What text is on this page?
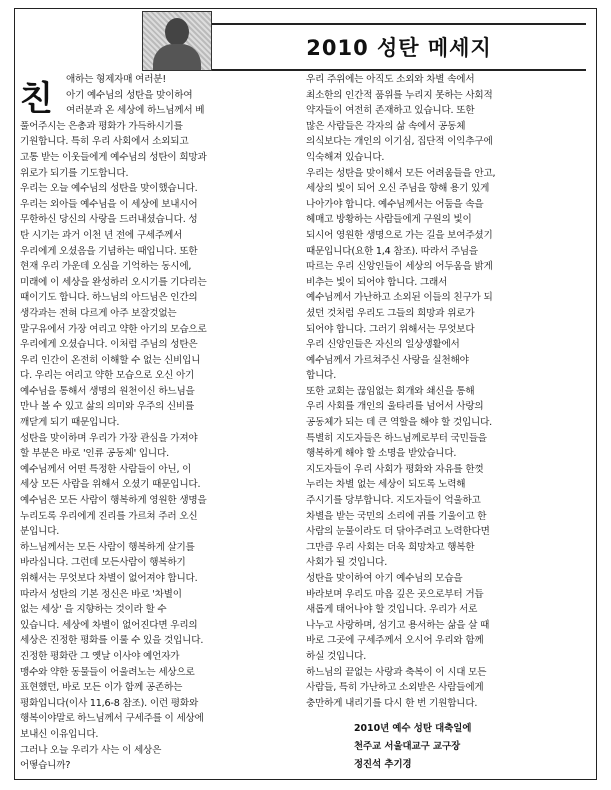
2010 성탄 메세지
친	애하는 형제자매 여러분!
아기 예수님의 성탄을 맞이하여
여러분과 온 세상에 하느님께서 베
풀어주시는 은총과 평화가 가득하시기를
기원합니다. 특히 우리 사회에서 소외되고
고통 받는 이웃들에게 예수님의 성탄이 희망과
위로가 되기를 기도합니다.
우리는 오늘 예수님의 성탄을 맞이했습니다.
우리는 외아들 예수님을 이 세상에 보내시어
무한하신 당신의 사랑을 드러내셨습니다. 성
탄 시기는 과거 이천 년 전에 구세주께서
우리에게 오셨음을 기념하는 때입니다. 또한
현재 우리 가운데 오심을 기억하는 동시에,
미래에 이 세상을 완성하러 오시기를 기다리는
때이기도 합니다. 하느님의 아드님은 인간의
생각과는 전혀 다르게 아주 보잘것없는
말구유에서 가장 여리고 약한 아기의 모습으로
우리에게 오셨습니다. 이처럼 주님의 성탄은
우리 인간이 온전히 이해할 수 없는 신비입니
다. 우리는 여리고 약한 모습으로 오신 아기
예수님을 통해서 생명의 원천이신 하느님을
만나 볼 수 있고 삶의 의미와 우주의 신비를
깨닫게 되기 때문입니다.
성탄을 맞이하며 우리가 가장 관심을 가져야
할 부분은 바로 '인류 공동체' 입니다.
예수님께서 어떤 특정한 사람들이 아닌, 이
세상 모든 사람을 위해서 오셨기 때문입니다.
예수님은 모든 사람이 행복하게 영원한 생명을
누리도록 우리에게 진리를 가르쳐 주러 오신
분입니다.
하느님께서는 모든 사람이 행복하게 살기를
바라십니다. 그런데 모든사람이 행복하기
위해서는 무엇보다 차별이 없어져야 합니다.
따라서 성탄의 기본 정신은 바로 '차별이
없는 세상' 을 지향하는 것이라 할 수
있습니다. 세상에 차별이 없어진다면 우리의
세상은 진정한 평화를 이룰 수 있을 것입니다.
진정한 평화란 그 옛날 이사야 예언자가
맹수와 약한 동물들이 어울려노는 세상으로
표현했던, 바로 모든 이가 함께 공존하는
평화입니다(이사 11,6-8 참조). 이런 평화와
행복이야말로 하느님께서 구세주를 이 세상에
보내신 이유입니다.
그러나 오늘 우리가 사는 이 세상은
어떻습니까?
우리 주위에는 아직도 소외와 차별 속에서
최소한의 인간적 품위를 누리지 못하는 사회적
약자들이 여전히 존재하고 있습니다. 또한
많은 사람들은 각자의 삶 속에서 공동체
의식보다는 개인의 이기심, 집단적 이익추구에
익숙해져 있습니다.
우리는 성탄을 맞이해서 모든 어려움들을 안고,
세상의 빛이 되어 오신 주님을 향해 용기 있게
나아가야 합니다. 예수님께서는 어둠을 속을
헤매고 방황하는 사람들에게 구원의 빛이
되시어 영원한 생명으로 가는 길을 보여주셨기
때문입니다(요한 1,4 참조). 따라서 주님을
따르는 우리 신앙인들이 세상의 어두움을 밝게
비추는 빛이 되어야 합니다. 그래서
예수님께서 가난하고 소외된 이들의 친구가 되
셨던 것처럼 우리도 그들의 희망과 위로가
되어야 합니다. 그러기 위해서는 무엇보다
우리 신앙인들은 자신의 일상생활에서
예수님께서 가르쳐주신 사랑을 실천해야
합니다.
또한 교회는 끊임없는 회개와 쇄신을 통해
우리 사회를 개인의 울타리를 넘어서 사랑의
공동체가 되는 데 큰 역할을 해야 할 것입니다.
특별히 지도자들은 하느님께로부터 국민들을
행복하게 해야 할 소명을 받았습니다.
지도자들이 우리 사회가 평화와 자유를 한껏
누리는 차별 없는 세상이 되도록 노력해
주시기를 당부합니다. 지도자들이 억울하고
차별을 받는 국민의 소리에 귀를 기울이고 한
사람의 눈물이라도 더 닦아주려고 노력한다면
그만큼 우리 사회는 더욱 희망차고 행복한
사회가 될 것입니다.
성탄을 맞이하여 아기 예수님의 모습을
바라보며 우리도 마음 깊은 곳으로부터 거듭
새롭게 태어나야 할 것입니다. 우리가 서로
나누고 사랑하며, 섬기고 용서하는 삶을 살 때
바로 그곳에 구세주께서 오시어 우리와 함께
하실 것입니다.
하느님의 끝없는 사랑과 축복이 이 시대 모든
사람들, 특히 가난하고 소외받은 사람들에게
충만하게 내리기를 다시 한 번 기원합니다.
2010년 예수 성탄 대축일에
천주교 서울대교구 교구장
정진석 추기경
